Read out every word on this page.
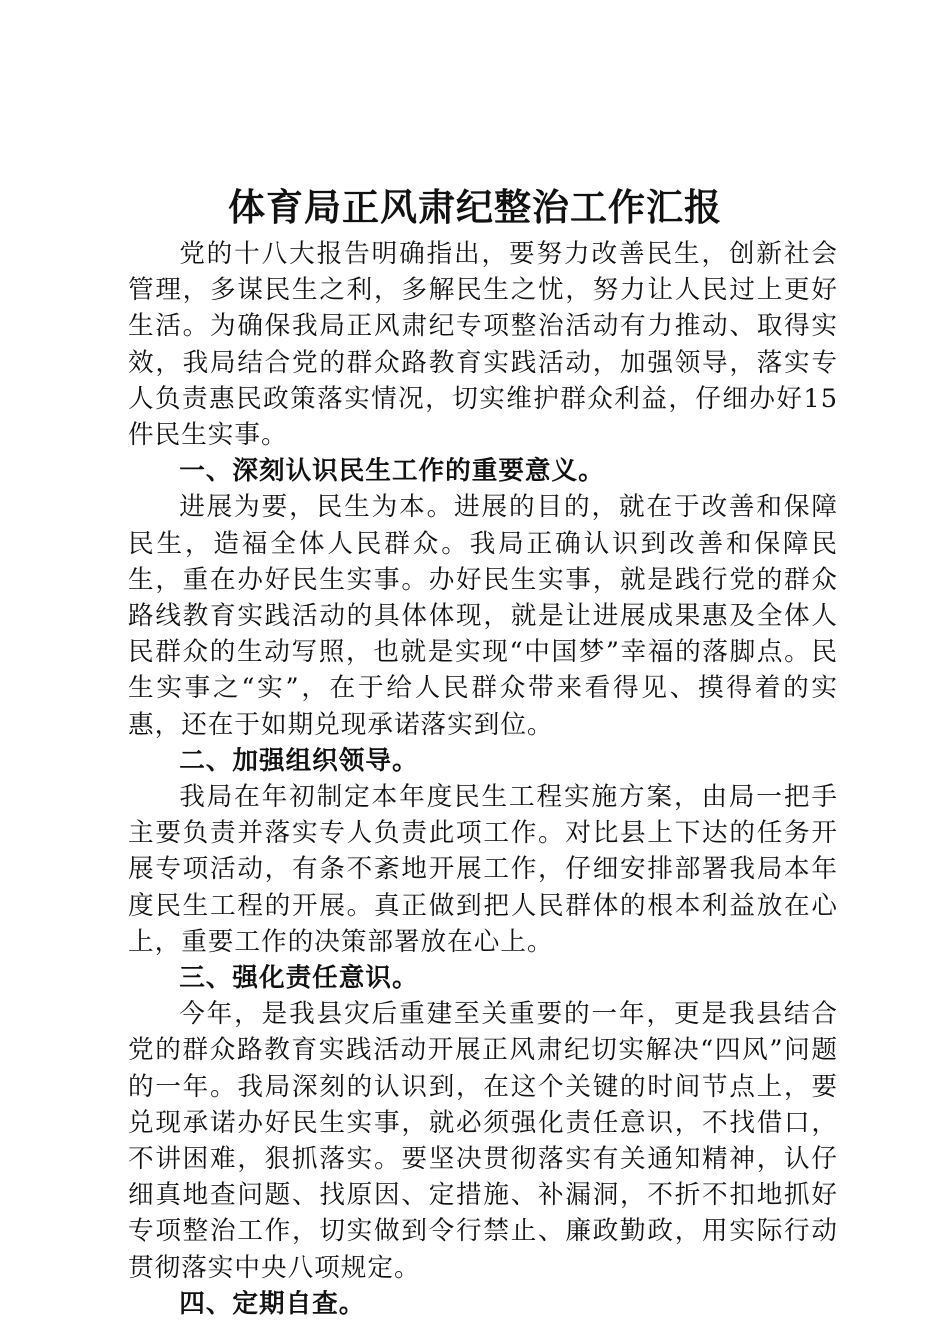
体育局正风肃纪整治工作汇报

党的十八大报告明确指出，要努力改善民生，创新社会管理，多谋民生之利，多解民生之忧，努力让人民过上更好生活。为确保我局正风肃纪专项整治活动有力推动、取得实效，我局结合党的群众路教育实践活动，加强领导，落实专人负责惠民政策落实情况，切实维护群众利益，仔细办好15件民生实事。

一、深刻认识民生工作的重要意义。

进展为要，民生为本。进展的目的，就在于改善和保障民生，造福全体人民群众。我局正确认识到改善和保障民生，重在办好民生实事。办好民生实事，就是践行党的群众路线教育实践活动的具体体现，就是让进展成果惠及全体人民群众的生动写照，也就是实现“中国梦”幸福的落脚点。民生实事之“实”，在于给人民群众带来看得见、摸得着的实惠，还在于如期兑现承诺落实到位。

二、加强组织领导。

我局在年初制定本年度民生工程实施方案，由局一把手主要负责并落实专人负责此项工作。对比县上下达的任务开展专项活动，有条不紊地开展工作，仔细安排部署我局本年度民生工程的开展。真正做到把人民群体的根本利益放在心上，重要工作的决策部署放在心上。

三、强化责任意识。

今年，是我县灾后重建至关重要的一年，更是我县结合党的群众路教育实践活动开展正风肃纪切实解决“四风”问题的一年。我局深刻的认识到，在这个关键的时间节点上，要兑现承诺办好民生实事，就必须强化责任意识，不找借口，不讲困难，狠抓落实。要坚决贯彻落实有关通知精神，认仔细真地查问题、找原因、定措施、补漏洞，不折不扣地抓好专项整治工作，切实做到令行禁止、廉政勤政，用实际行动贯彻落实中央八项规定。

四、定期自查。
